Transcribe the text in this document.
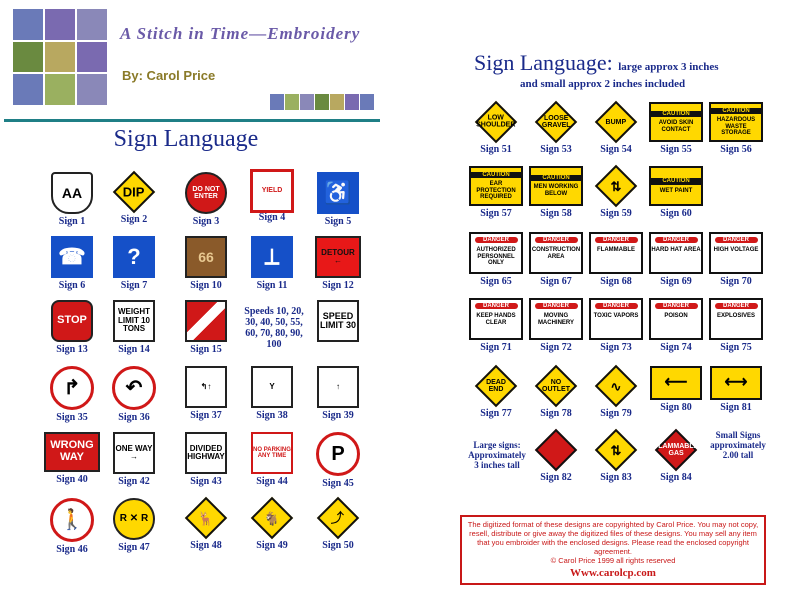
A Stitch in Time—Embroidery
By: Carol Price
Sign Language
Speeds 10, 20, 30, 40, 50, 55, 60, 70, 80, 90, 100
AA
Sign 1
DIP
Sign 2
DO NOT ENTER
Sign 3
YIELD
Sign 4
♿
Sign 5
☎
Sign 6
?
Sign 7
66
Sign 10
⟂
Sign 11
DETOUR ←
Sign 12
STOP
Sign 13
WEIGHT LIMIT 10 TONS
Sign 14	Sign 15
SPEED LIMIT 30
↱
Sign 35
↶
Sign 36
↰↑
Sign 37
Y
Sign 38
↑
Sign 39
WRONG WAY
Sign 40
ONE WAY →
Sign 42
DIVIDED HIGHWAY
Sign 43
NO PARKING ANY TIME
Sign 44
P
Sign 45
🚶
Sign 46
R ✕ R
Sign 47
🦌
Sign 48
🐐
Sign 49
⤴
Sign 50
Sign Language: large approx 3 inches
and small approx 2 inches included
LOW SHOULDER
Sign 51
LOOSE GRAVEL
Sign 53
BUMP
Sign 54
CAUTION
AVOID SKIN CONTACT
Sign 55
CAUTION
HAZARDOUS WASTE STORAGE
Sign 56
CAUTION
EAR PROTECTION REQUIRED
Sign 57
CAUTION
MEN WORKING BELOW
Sign 58
⇅
Sign 59
CAUTION
WET PAINT
Sign 60
DANGER
AUTHORIZED PERSONNEL ONLY
Sign 65
DANGER
CONSTRUCTION AREA
Sign 67
DANGER
FLAMMABLE
Sign 68
DANGER
HARD HAT AREA
Sign 69
DANGER
HIGH VOLTAGE
Sign 70
DANGER
KEEP HANDS CLEAR
Sign 71
DANGER
MOVING MACHINERY
Sign 72
DANGER
TOXIC VAPORS
Sign 73
DANGER
POISON
Sign 74
DANGER
EXPLOSIVES
Sign 75
DEAD END
Sign 77
NO OUTLET
Sign 78
∿
Sign 79
⟵
Sign 80
⟷
Sign 81
Sign 82
⇅
Sign 83
FLAMMABLE GAS
Sign 84
Large signs: Approximately 3 inches tall
Small Signs approximately 2.00 tall
The digitized format of these designs are copyrighted by Carol Price. You may not copy, resell, distribute or give away the digitized files of these designs. You may sell any item that you embroider with the enclosed designs. Please read the enclosed copyright agreement.
© Carol Price 1999 all rights reserved
Www.carolcp.com
